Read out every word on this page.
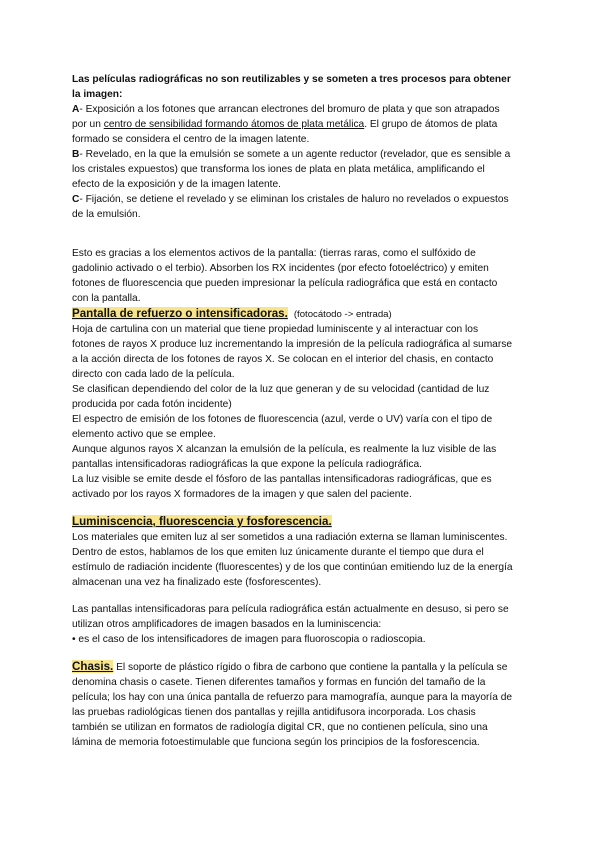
Las películas radiográficas no son reutilizables y se someten a tres procesos para obtener la imagen:

A- Exposición a los fotones que arrancan electrones del bromuro de plata y que son atrapados por un centro de sensibilidad formando átomos de plata metálica. El grupo de átomos de plata formado se considera el centro de la imagen latente.

B- Revelado, en la que la emulsión se somete a un agente reductor (revelador, que es sensible a los cristales expuestos) que transforma los iones de plata en plata metálica, amplificando el efecto de la exposición y de la imagen latente.

C- Fijación, se detiene el revelado y se eliminan los cristales de haluro no revelados o expuestos de la emulsión.

Esto es gracias a los elementos activos de la pantalla: (tierras raras, como el sulfóxido de gadolinio activado o el terbio). Absorben los RX incidentes (por efecto fotoeléctrico) y emiten fotones de fluorescencia que pueden impresionar la película radiográfica que está en contacto con la pantalla.

Pantalla de refuerzo o intensificadoras. (fotocátodo -> entrada)

Hoja de cartulina con un material que tiene propiedad luminiscente y al interactuar con los fotones de rayos X produce luz incrementando la impresión de la película radiográfica al sumarse a la acción directa de los fotones de rayos X. Se colocan en el interior del chasis, en contacto directo con cada lado de la película.

Se clasifican dependiendo del color de la luz que generan y de su velocidad (cantidad de luz producida por cada fotón incidente)

El espectro de emisión de los fotones de fluorescencia (azul, verde o UV) varía con el tipo de elemento activo que se emplee.

Aunque algunos rayos X alcanzan la emulsión de la película, es realmente la luz visible de las pantallas intensificadoras radiográficas la que expone la película radiográfica.

La luz visible se emite desde el fósforo de las pantallas intensificadoras radiográficas, que es activado por los rayos X formadores de la imagen y que salen del paciente.

Luminiscencia, fluorescencia y fosforescencia.

Los materiales que emiten luz al ser sometidos a una radiación externa se llaman luminiscentes. Dentro de estos, hablamos de los que emiten luz únicamente durante el tiempo que dura el estímulo de radiación incidente (fluorescentes) y de los que continúan emitiendo luz de la energía almacenan una vez ha finalizado este (fosforescentes).

Las pantallas intensificadoras para película radiográfica están actualmente en desuso, si pero se utilizan otros amplificadores de imagen basados en la luminiscencia:

• es el caso de los intensificadores de imagen para fluoroscopia o radioscopia.

Chasis. El soporte de plástico rígido o fibra de carbono que contiene la pantalla y la película se denomina chasis o casete. Tienen diferentes tamaños y formas en función del tamaño de la película; los hay con una única pantalla de refuerzo para mamografía, aunque para la mayoría de las pruebas radiológicas tienen dos pantallas y rejilla antidifusora incorporada. Los chasis también se utilizan en formatos de radiología digital CR, que no contienen película, sino una lámina de memoria fotoestimulable que funciona según los principios de la fosforescencia.
